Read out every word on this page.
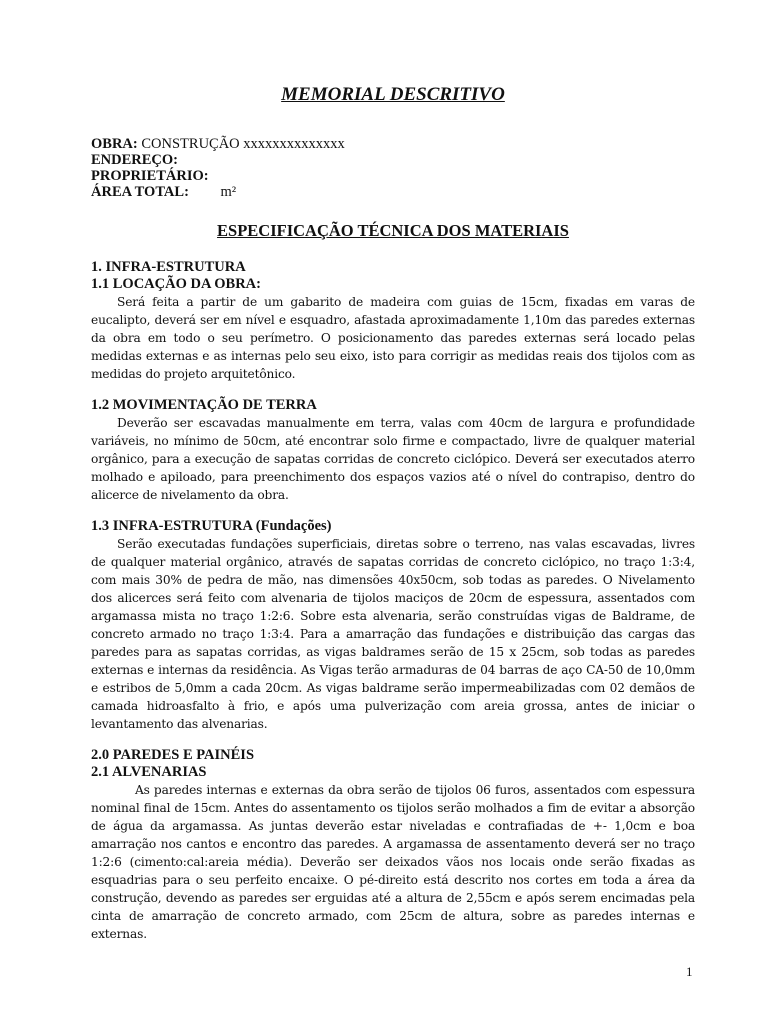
MEMORIAL DESCRITIVO
OBRA: CONSTRUÇÃO xxxxxxxxxxxxxx
ENDEREÇO:
PROPRIETÁRIO:
ÁREA TOTAL: m²
ESPECIFICAÇÃO TÉCNICA DOS MATERIAIS
1. INFRA-ESTRUTURA
1.1 LOCAÇÃO DA OBRA:

Será feita a partir de um gabarito de madeira com guias de 15cm, fixadas em varas de eucalipto, deverá ser em nível e esquadro, afastada aproximadamente 1,10m das paredes externas da obra em todo o seu perímetro. O posicionamento das paredes externas será locado pelas medidas externas e as internas pelo seu eixo, isto para corrigir as medidas reais dos tijolos com as medidas do projeto arquitetônico.

1.2 MOVIMENTAÇÃO DE TERRA

Deverão ser escavadas manualmente em terra, valas com 40cm de largura e profundidade variáveis, no mínimo de 50cm, até encontrar solo firme e compactado, livre de qualquer material orgânico, para a execução de sapatas corridas de concreto ciclópico. Deverá ser executados aterro molhado e apiloado, para preenchimento dos espaços vazios até o nível do contrapiso, dentro do alicerce de nivelamento da obra.

1.3 INFRA-ESTRUTURA (Fundações)

Serão executadas fundações superficiais, diretas sobre o terreno, nas valas escavadas, livres de qualquer material orgânico, através de sapatas corridas de concreto ciclópico, no traço 1:3:4, com mais 30% de pedra de mão, nas dimensões 40x50cm, sob todas as paredes. O Nivelamento dos alicerces será feito com alvenaria de tijolos maciços de 20cm de espessura, assentados com argamassa mista no traço 1:2:6. Sobre esta alvenaria, serão construídas vigas de Baldrame, de concreto armado no traço 1:3:4. Para a amarração das fundações e distribuição das cargas das paredes para as sapatas corridas, as vigas baldrames serão de 15 x 25cm, sob todas as paredes externas e internas da residência. As Vigas terão armaduras de 04 barras de aço CA-50 de 10,0mm e estribos de 5,0mm a cada 20cm. As vigas baldrame serão impermeabilizadas com 02 demãos de camada hidroasfalto à frio, e após uma pulverização com areia grossa, antes de iniciar o levantamento das alvenarias.

2.0 PAREDES E PAINÉIS
2.1 ALVENARIAS

As paredes internas e externas da obra serão de tijolos 06 furos, assentados com espessura nominal final de 15cm. Antes do assentamento os tijolos serão molhados a fim de evitar a absorção de água da argamassa. As juntas deverão estar niveladas e contrafiadas de +- 1,0cm e boa amarração nos cantos e encontro das paredes. A argamassa de assentamento deverá ser no traço 1:2:6 (cimento:cal:areia média). Deverão ser deixados vãos nos locais onde serão fixadas as esquadrias para o seu perfeito encaixe. O pé-direito está descrito nos cortes em toda a área da construção, devendo as paredes ser erguidas até a altura de 2,55cm e após serem encimadas pela cinta de amarração de concreto armado, com 25cm de altura, sobre as paredes internas e externas.

1
